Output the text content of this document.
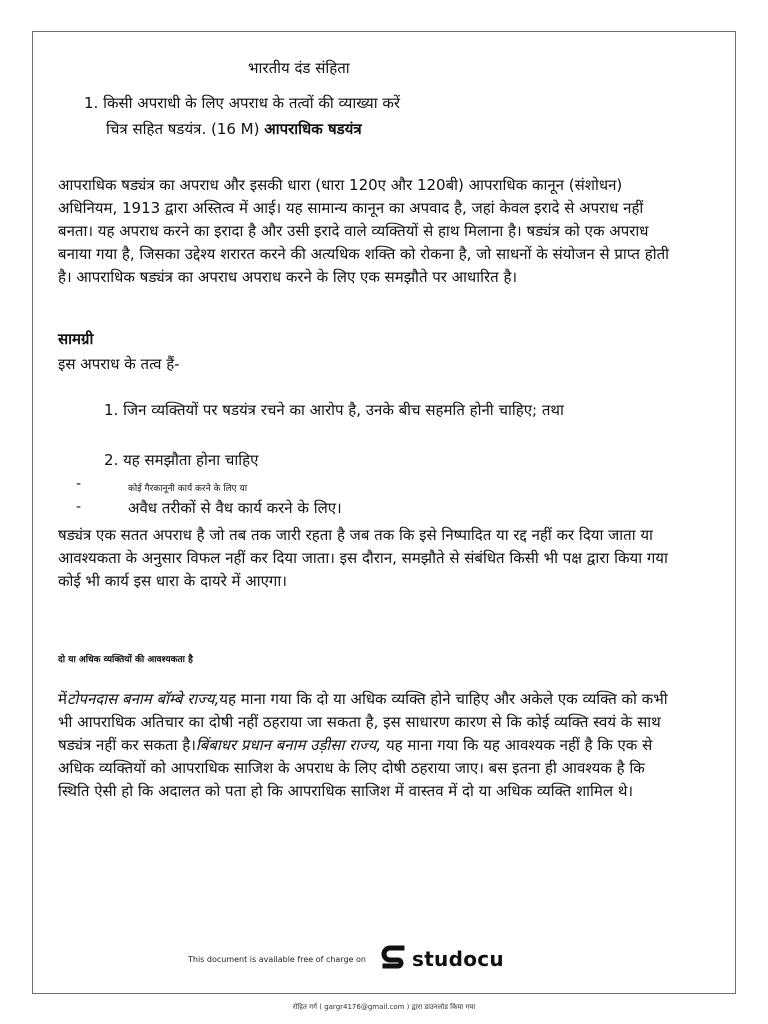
भारतीय दंड संहिता
1. किसी अपराधी के लिए अपराध के तत्वों की व्याख्या करें
चित्र सहित षडयंत्र. (16 M) आपराधिक षडयंत्र
आपराधिक षड्यंत्र का अपराध और इसकी धारा (धारा 120ए और 120बी) आपराधिक कानून (संशोधन) अधिनियम, 1913 द्वारा अस्तित्व में आई। यह सामान्य कानून का अपवाद है, जहां केवल इरादे से अपराध नहीं बनता। यह अपराध करने का इरादा है और उसी इरादे वाले व्यक्तियों से हाथ मिलाना है। षड्यंत्र को एक अपराध बनाया गया है, जिसका उद्देश्य शरारत करने की अत्यधिक शक्ति को रोकना है, जो साधनों के संयोजन से प्राप्त होती है। आपराधिक षड्यंत्र का अपराध अपराध करने के लिए एक समझौते पर आधारित है।
सामग्री
इस अपराध के तत्व हैं-
1. जिन व्यक्तियों पर षडयंत्र रचने का आरोप है, उनके बीच सहमति होनी चाहिए; तथा
2. यह समझौता होना चाहिए
-	कोई गैरकानूनी कार्य करने के लिए या
-	अवैध तरीकों से वैध कार्य करने के लिए।
षड्यंत्र एक सतत अपराध है जो तब तक जारी रहता है जब तक कि इसे निष्पादित या रद्द नहीं कर दिया जाता या आवश्यकता के अनुसार विफल नहीं कर दिया जाता। इस दौरान, समझौते से संबंधित किसी भी पक्ष द्वारा किया गया कोई भी कार्य इस धारा के दायरे में आएगा।
दो या अधिक व्यक्तियों की आवश्यकता है
मेंटोपनदास बनाम बॉम्बे राज्य,यह माना गया कि दो या अधिक व्यक्ति होने चाहिए और अकेले एक व्यक्ति को कभी भी आपराधिक अतिचार का दोषी नहीं ठहराया जा सकता है, इस साधारण कारण से कि कोई व्यक्ति स्वयं के साथ षड्यंत्र नहीं कर सकता है।बिंबाधर प्रधान बनाम उड़ीसा राज्य, यह माना गया कि यह आवश्यक नहीं है कि एक से अधिक व्यक्तियों को आपराधिक साजिश के अपराध के लिए दोषी ठहराया जाए। बस इतना ही आवश्यक है कि स्थिति ऐसी हो कि अदालत को पता हो कि आपराधिक साजिश में वास्तव में दो या अधिक व्यक्ति शामिल थे।
This document is available free of charge on studocu
रोहित गर्ग ( gargr4176@gmail.com ) द्वारा डाउनलोड किया गया
